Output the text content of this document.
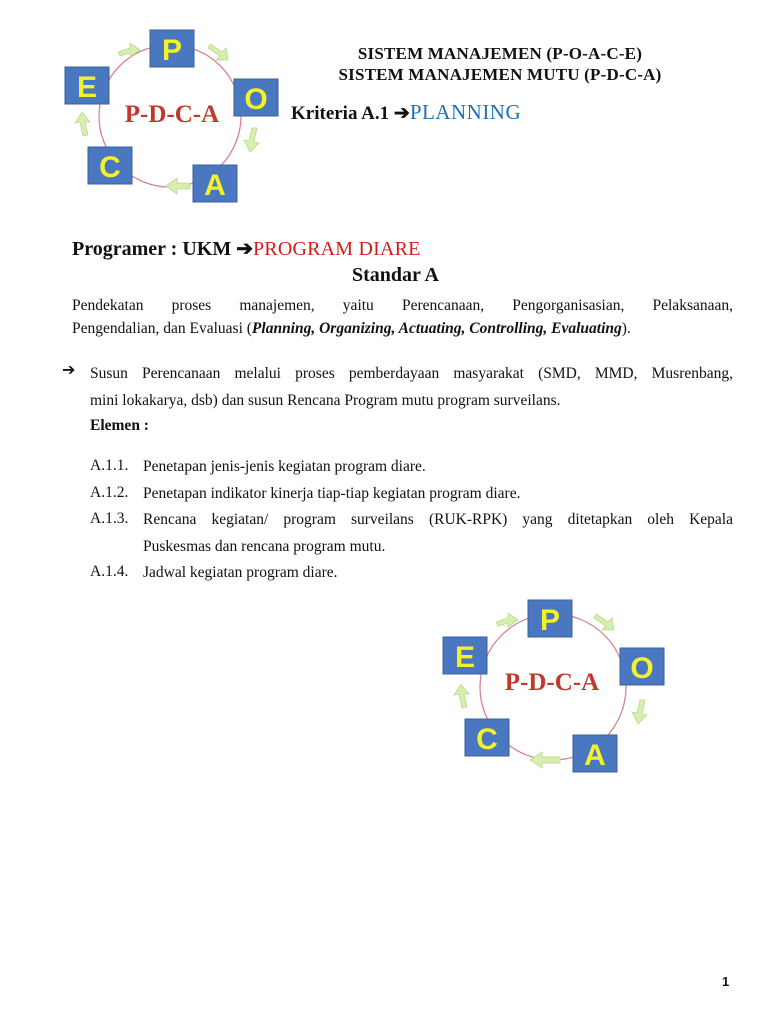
P
O
A
C
E
P-D-C-A
SISTEM MANAJEMEN (P-O-A-C-E)
SISTEM MANAJEMEN MUTU (P-D-C-A)
Kriteria A.1 ➔PLANNING
Programer : UKM ➔PROGRAM DIARE
Standar A
Pendekatan proses manajemen, yaitu Perencanaan, Pengorganisasian, Pelaksanaan,
Pengendalian, dan Evaluasi (Planning, Organizing, Actuating, Controlling, Evaluating).
➔ Susun Perencanaan melalui proses pemberdayaan masyarakat (SMD, MMD, Musrenbang,
mini lokakarya, dsb) dan susun Rencana Program mutu program surveilans.
Elemen :
A.1.1. Penetapan jenis-jenis kegiatan program diare.
A.1.2. Penetapan indikator kinerja tiap-tiap kegiatan program diare.
A.1.3. Rencana kegiatan/ program surveilans (RUK-RPK) yang ditetapkan oleh Kepala
Puskesmas dan rencana program mutu.
A.1.4. Jadwal kegiatan program diare.
P
O
A
C
E
P-D-C-A
1
